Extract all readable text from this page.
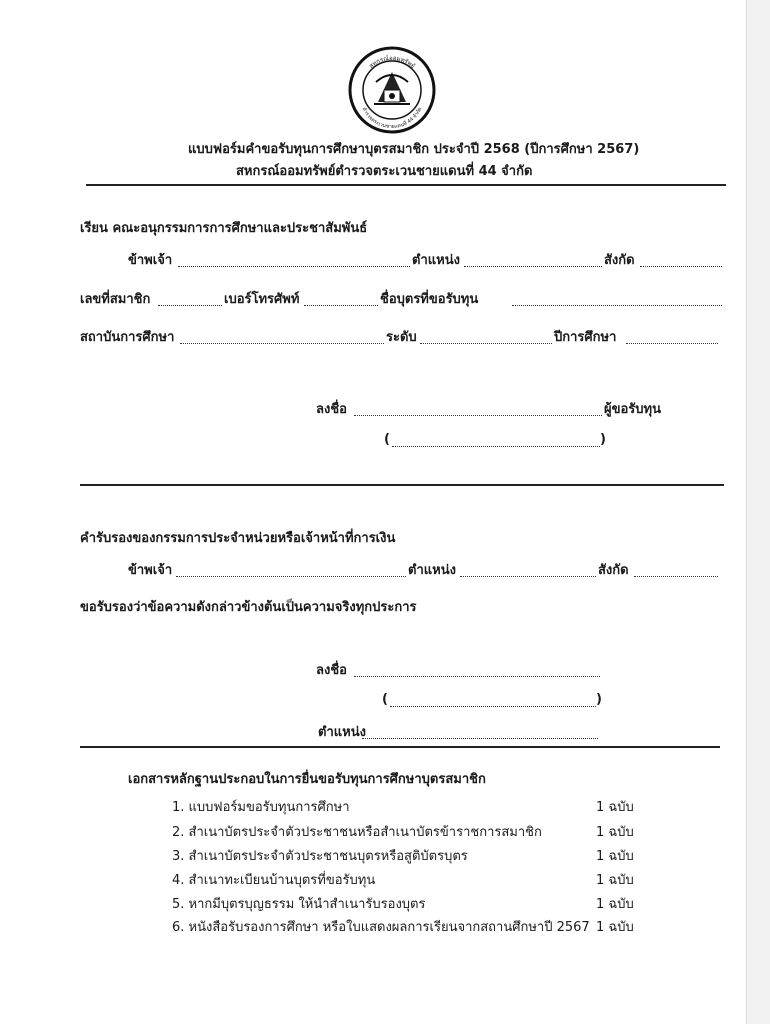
สหกรณ์ออมทรัพย์
ตำรวจตระเวนชายแดนที่ 44 จำกัด
แบบฟอร์มคำขอรับทุนการศึกษาบุตรสมาชิก ประจำปี 2568 (ปีการศึกษา 2567)
สหกรณ์ออมทรัพย์ตำรวจตระเวนชายแดนที่ 44 จำกัด
เรียน คณะอนุกรรมการการศึกษาและประชาสัมพันธ์
ข้าพเจ้า	ตำแหน่ง	สังกัด
เลขที่สมาชิก	เบอร์โทรศัพท์	ชื่อบุตรที่ขอรับทุน
สถาบันการศึกษา	ระดับ	ปีการศึกษา
ลงชื่อ	ผู้ขอรับทุน
(	)
คำรับรองของกรรมการประจำหน่วยหรือเจ้าหน้าที่การเงิน
ข้าพเจ้า	ตำแหน่ง	สังกัด
ขอรับรองว่าข้อความดังกล่าวข้างต้นเป็นความจริงทุกประการ
ลงชื่อ
(	)
ตำแหน่ง
เอกสารหลักฐานประกอบในการยื่นขอรับทุนการศึกษาบุตรสมาชิก
1. แบบฟอร์มขอรับทุนการศึกษา	1 ฉบับ
2. สำเนาบัตรประจำตัวประชาชนหรือสำเนาบัตรข้าราชการสมาชิก	1 ฉบับ
3. สำเนาบัตรประจำตัวประชาชนบุตรหรือสูติบัตรบุตร	1 ฉบับ
4. สำเนาทะเบียนบ้านบุตรที่ขอรับทุน	1 ฉบับ
5. หากมีบุตรบุญธรรม ให้นำสำเนารับรองบุตร	1 ฉบับ
6. หนังสือรับรองการศึกษา หรือใบแสดงผลการเรียนจากสถานศึกษาปี 2567 1 ฉบับ
